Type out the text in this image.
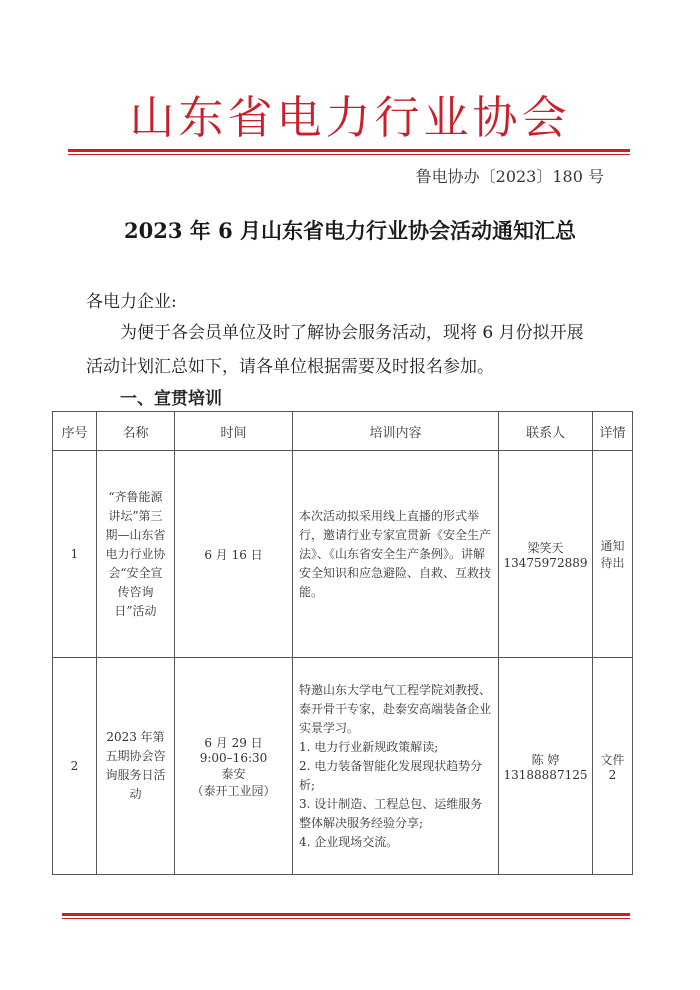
山东省电力行业协会
鲁电协办〔2023〕180 号
2023 年 6 月山东省电力行业协会活动通知汇总
各电力企业:
为便于各会员单位及时了解协会服务活动，现将 6 月份拟开展活动计划汇总如下，请各单位根据需要及时报名参加。
一、宣贯培训
序号	名称	时间	培训内容	联系人	详情
1	“齐鲁能源讲坛”第三期—山东省电力行业协会“安全宣传咨询日”活动	6 月 16 日	本次活动拟采用线上直播的形式举行，邀请行业专家宣贯新《安全生产法》、《山东省安全生产条例》。讲解安全知识和应急避险、自救、互救技能。	梁笑天
13475972889	通知待出
2	2023 年第五期协会咨询服务日活动	6 月 29 日
9:00–16:30
泰安
（泰开工业园）	特邀山东大学电气工程学院刘教授、泰开骨干专家，赴泰安高端装备企业实景学习。
1. 电力行业新规政策解读;
2. 电力装备智能化发展现状趋势分析;
3. 设计制造、工程总包、运维服务整体解决服务经验分享;
4. 企业现场交流。	陈 婷
13188887125	文件 2
